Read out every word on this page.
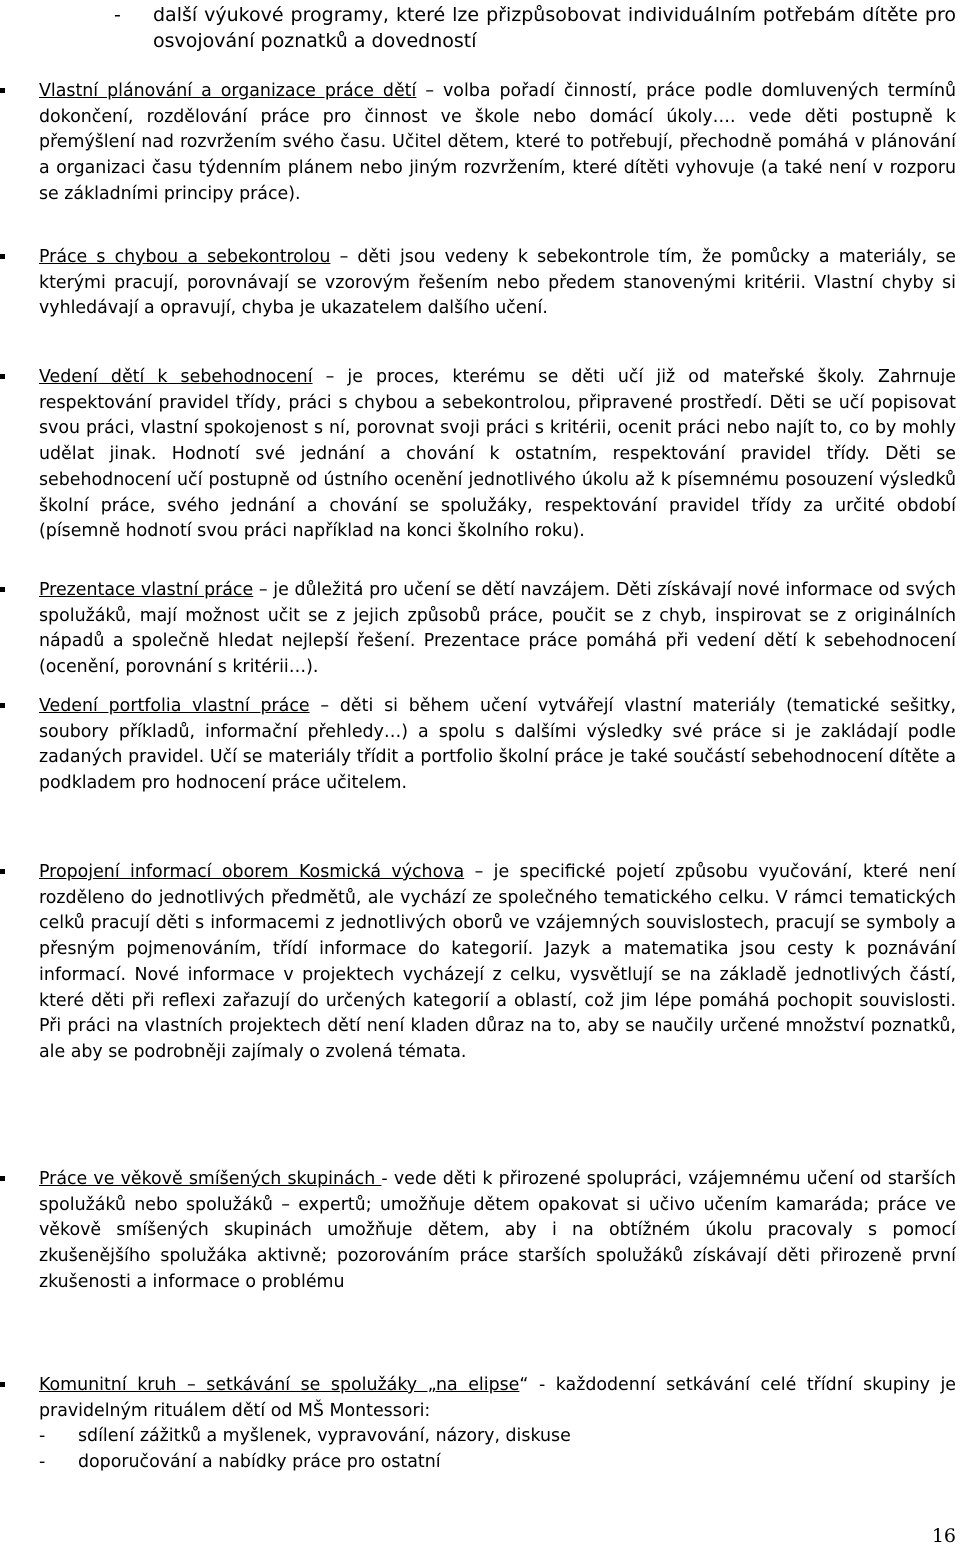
- další výukové programy, které lze přizpůsobovat individuálním potřebám dítěte pro osvojování poznatků a dovedností
Vlastní plánování a organizace práce dětí – volba pořadí činností, práce podle domluvených termínů dokončení, rozdělování práce pro činnost ve škole nebo domácí úkoly…. vede děti postupně k přemýšlení nad rozvržením svého času. Učitel dětem, které to potřebují, přechodně pomáhá v plánování a organizaci času týdenním plánem nebo jiným rozvržením, které dítěti vyhovuje (a také není v rozporu se základními principy práce).
Práce s chybou a sebekontrolou – děti jsou vedeny k sebekontrole tím, že pomůcky a materiály, se kterými pracují, porovnávají se vzorovým řešením nebo předem stanovenými kritérii. Vlastní chyby si vyhledávají a opravují, chyba je ukazatelem dalšího učení.
Vedení portfolia vlastní práce – děti si během učení vytvářejí vlastní materiály (tematické sešitky, soubory příkladů, informační přehledy…) a spolu s dalšími výsledky své práce si je zakládají podle zadaných pravidel. Učí se materiály třídit a portfolio školní práce je také součástí sebehodnocení dítěte a podkladem pro hodnocení práce učitelem.
Vedení dětí k sebehodnocení – je proces, kterému se děti učí již od mateřské školy. Zahrnuje respektování pravidel třídy, práci s chybou a sebekontrolou, připravené prostředí. Děti se učí popisovat svou práci, vlastní spokojenost s ní, porovnat svoji práci s kritérii, ocenit práci nebo najít to, co by mohly udělat jinak. Hodnotí své jednání a chování k ostatním, respektování pravidel třídy. Děti se sebehodnocení učí postupně od ústního ocenění jednotlivého úkolu až k písemnému posouzení výsledků školní práce, svého jednání a chování se spolužáky, respektování pravidel třídy za určité období (písemně hodnotí svou práci například na konci školního roku).
Prezentace vlastní práce – je důležitá pro učení se dětí navzájem. Děti získávají nové informace od svých spolužáků, mají možnost učit se z jejich způsobů práce, poučit se z chyb, inspirovat se z originálních nápadů a společně hledat nejlepší řešení. Prezentace práce pomáhá při vedení dětí k sebehodnocení (ocenění, porovnání s kritérii…).
Propojení informací oborem Kosmická výchova – je specifické pojetí způsobu vyučování, které není rozděleno do jednotlivých předmětů, ale vychází ze společného tematického celku. V rámci tematických celků pracují děti s informacemi z jednotlivých oborů ve vzájemných souvislostech, pracují se symboly a přesným pojmenováním, třídí informace do kategorií. Jazyk a matematika jsou cesty k poznávání informací. Nové informace v projektech vycházejí z celku, vysvětlují se na základě jednotlivých částí, které děti při reflexi zařazují do určených kategorií a oblastí, což jim lépe pomáhá pochopit souvislosti. Při práci na vlastních projektech dětí není kladen důraz na to, aby se naučily určené množství poznatků, ale aby se podrobněji zajímaly o zvolená témata.
Práce ve věkově smíšených skupinách - vede děti k přirozené spolupráci, vzájemnému učení od starších spolužáků nebo spolužáků – expertů; umožňuje dětem opakovat si učivo učením kamaráda; práce ve věkově smíšených skupinách umožňuje dětem, aby i na obtížném úkolu pracovaly s pomocí zkušenějšího spolužáka aktivně; pozorováním práce starších spolužáků získávají děti přirozeně první zkušenosti a informace o problému
Komunitní kruh – setkávání se spolužáky „na elipse“ - každodenní setkávání celé třídní skupiny je pravidelným rituálem dětí od MŠ Montessori:
- sdílení zážitků a myšlenek, vypravování, názory, diskuse
- doporučování a nabídky práce pro ostatní
16
